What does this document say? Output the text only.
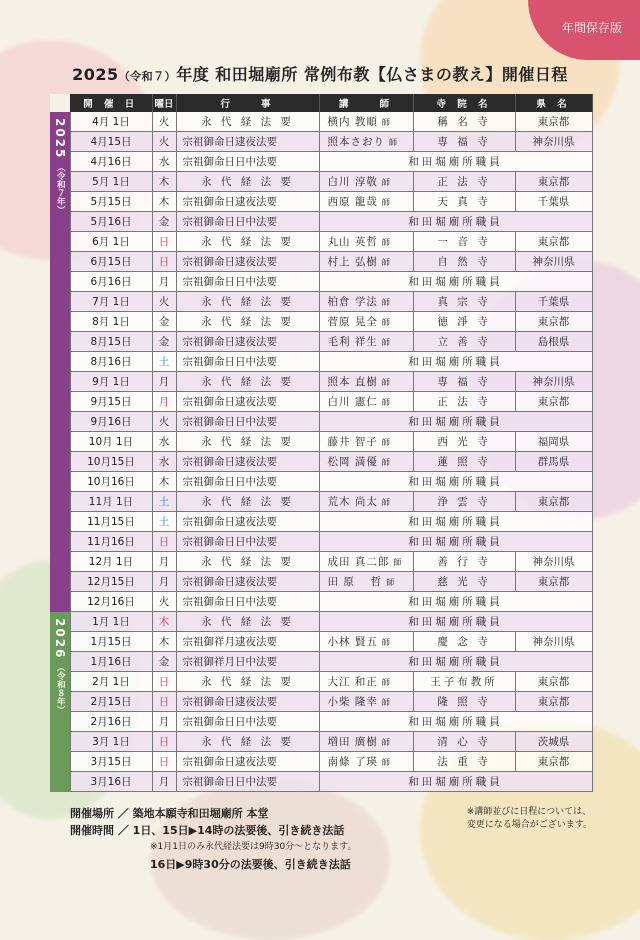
年間保存版
2025（令和７）年度 和田堀廟所 常例布教【仏さまの教え】開催日程
	開 催 日	曜日	行　　事	講　　師	寺 院 名	県 名

2025
（令和７年）	4月 1日	火	永 代 経 法 要	横内 教順 師	稱 名 寺	東京都
	4月15日	火	宗祖御命日逮夜法要	照本さおり 師	専 福 寺	神奈川県
	4月16日	水	宗祖御命日日中法要	和田堀廟所職員		
	5月 1日	木	永 代 経 法 要	白川 淳敬 師	正 法 寺	東京都
	5月15日	木	宗祖御命日逮夜法要	西原 龍哉 師	天 真 寺	千葉県
	5月16日	金	宗祖御命日日中法要	和田堀廟所職員		
	6月 1日	日	永 代 経 法 要	丸山 英哲 師	一 音 寺	東京都
	6月15日	日	宗祖御命日逮夜法要	村上 弘樹 師	自 然 寺	神奈川県
	6月16日	月	宗祖御命日日中法要	和田堀廟所職員		
	7月 1日	火	永 代 経 法 要	柏倉 学法 師	真 宗 寺	千葉県
	8月 1日	金	永 代 経 法 要	菅原 晃全 師	徳 淨 寺	東京都
	8月15日	金	宗祖御命日逮夜法要	毛利 祥生 師	立 善 寺	島根県
	8月16日	土	宗祖御命日日中法要	和田堀廟所職員		
	9月 1日	月	永 代 経 法 要	照本 直樹 師	専 福 寺	神奈川県
	9月15日	月	宗祖御命日逮夜法要	白川 憲仁 師	正 法 寺	東京都
	9月16日	火	宗祖御命日日中法要	和田堀廟所職員		
	10月 1日	水	永 代 経 法 要	藤井 智子 師	西 光 寺	福岡県
	10月15日	水	宗祖御命日逮夜法要	松岡 満優 師	蓮 照 寺	群馬県
	10月16日	木	宗祖御命日日中法要	和田堀廟所職員		
	11月 1日	土	永 代 経 法 要	荒木 尚太 師	浄 雲 寺	東京都
	11月15日	土	宗祖御命日逮夜法要	和田堀廟所職員		
	11月16日	日	宗祖御命日日中法要	和田堀廟所職員		
	12月 1日	月	永 代 経 法 要	成田 真二郎 師	善 行 寺	神奈川県
	12月15日	月	宗祖御命日逮夜法要	田 原　 哲 師	慈 光 寺	東京都
	12月16日	火	宗祖御命日日中法要	和田堀廟所職員		

2026
（令和８年）	1月 1日	木	永 代 経 法 要	和田堀廟所職員		
	1月15日	木	宗祖御祥月逮夜法要	小林 賢五 師	慶 念 寺	神奈川県
	1月16日	金	宗祖御祥月日中法要	和田堀廟所職員		
	2月 1日	日	永 代 経 法 要	大江 和正 師	王子布教所	東京都
	2月15日	日	宗祖御命日逮夜法要	小柴 隆幸 師	隆 照 寺	東京都
	2月16日	月	宗祖御命日日中法要	和田堀廟所職員		
	3月 1日	日	永 代 経 法 要	増田 廣樹 師	清 心 寺	茨城県
	3月15日	日	宗祖御命日逮夜法要	南條 了瑛 師	法 重 寺	東京都
	3月16日	月	宗祖御命日日中法要	和田堀廟所職員		
開催場所 ／ 築地本願寺和田堀廟所 本堂
開催時間 ／ 1日、15日▶14時の法要後、引き続き法話
※1月1日のみ永代経法要は9時30分～となります。
16日▶9時30分の法要後、引き続き法話
※講師並びに日程については、
変更になる場合がございます。
